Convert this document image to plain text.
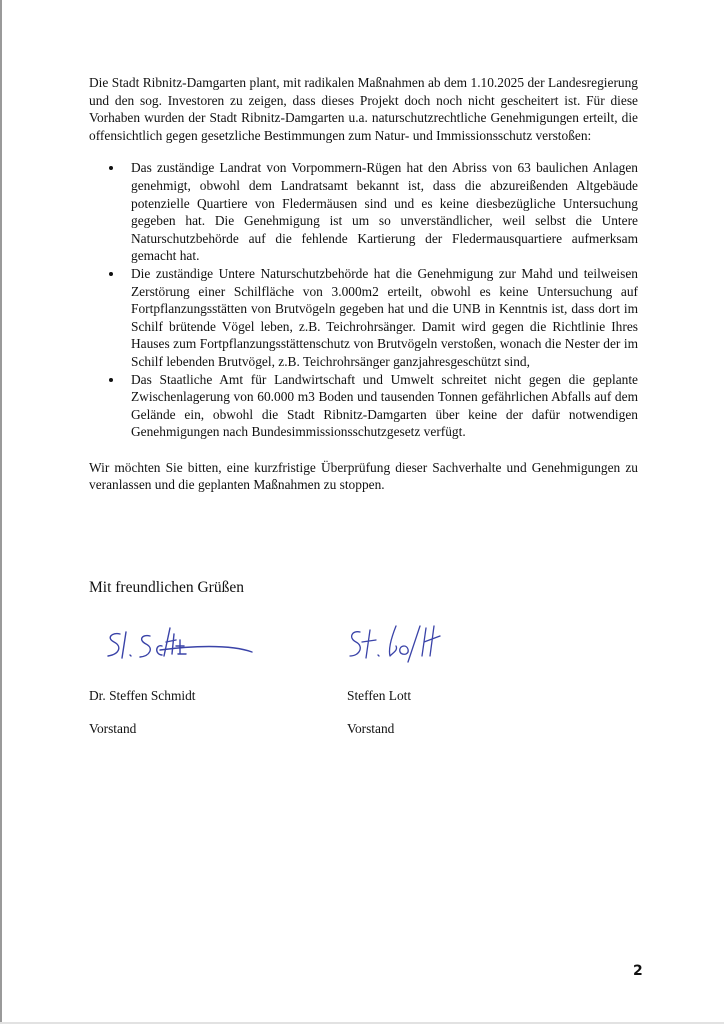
Die Stadt Ribnitz-Damgarten plant, mit radikalen Maßnahmen ab dem 1.10.2025 der Landesregierung und den sog. Investoren zu zeigen, dass dieses Projekt doch noch nicht gescheitert ist. Für diese Vorhaben wurden der Stadt Ribnitz-Damgarten u.a. naturschutzrechtliche Genehmigungen erteilt, die offensichtlich gegen gesetzliche Bestimmungen zum Natur- und Immissionsschutz verstoßen:

Das zuständige Landrat von Vorpommern-Rügen hat den Abriss von 63 baulichen Anlagen genehmigt, obwohl dem Landratsamt bekannt ist, dass die abzureißenden Altgebäude potenzielle Quartiere von Fledermäusen sind und es keine diesbezügliche Untersuchung gegeben hat. Die Genehmigung ist um so unverständlicher, weil selbst die Untere Naturschutzbehörde auf die fehlende Kartierung der Fledermausquartiere aufmerksam gemacht hat.
Die zuständige Untere Naturschutzbehörde hat die Genehmigung zur Mahd und teilweisen Zerstörung einer Schilfläche von 3.000m2 erteilt, obwohl es keine Untersuchung auf Fortpflanzungsstätten von Brutvögeln gegeben hat und die UNB in Kenntnis ist, dass dort im Schilf brütende Vögel leben, z.B. Teichrohrsänger. Damit wird gegen die Richtlinie Ihres Hauses zum Fortpflanzungsstättenschutz von Brutvögeln verstoßen, wonach die Nester der im Schilf lebenden Brutvögel, z.B. Teichrohrsänger ganzjahresgeschützt sind,
Das Staatliche Amt für Landwirtschaft und Umwelt schreitet nicht gegen die geplante Zwischenlagerung von 60.000 m3 Boden und tausenden Tonnen gefährlichen Abfalls auf dem Gelände ein, obwohl die Stadt Ribnitz-Damgarten über keine der dafür notwendigen Genehmigungen nach Bundesimmissionsschutzgesetz verfügt.

Wir möchten Sie bitten, eine kurzfristige Überprüfung dieser Sachverhalte und Genehmigungen zu veranlassen und die geplanten Maßnahmen zu stoppen.

Mit freundlichen Grüßen
Dr. Steffen Schmidt	Steffen Lott
Vorstand	Vorstand
2
